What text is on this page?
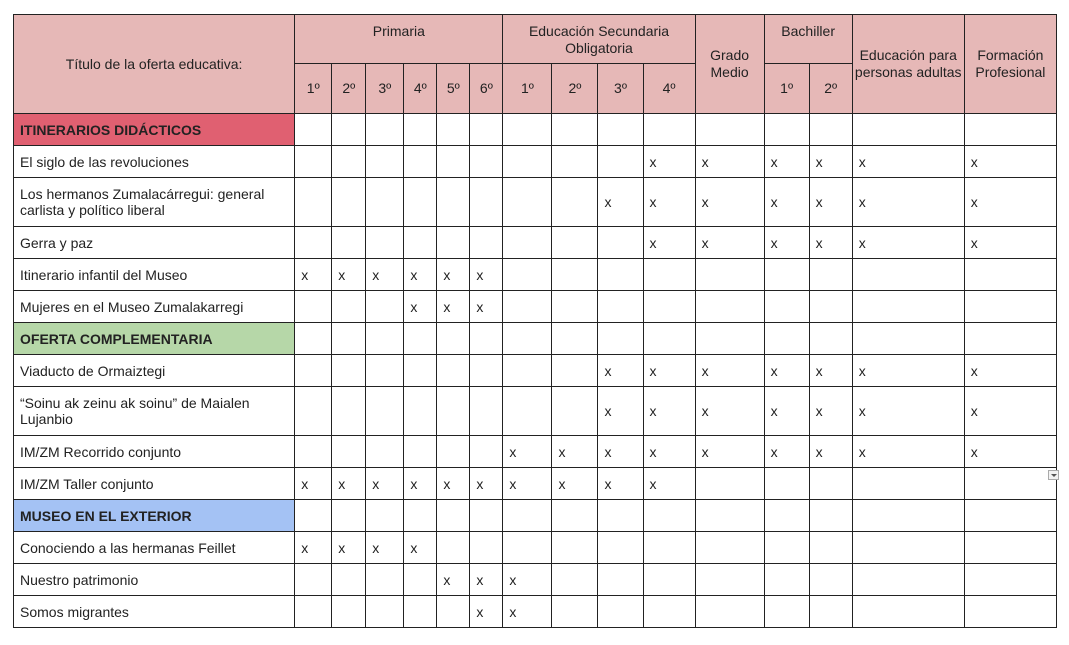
Título de la oferta educativa:	Primaria						Educación Secundaria Obligatoria				Grado Medio	Bachiller		Educación para personas adultas	Formación Profesional
	1º	2º	3º	4º	5º	6º	1º	2º	3º	4º		1º	2º		
ITINERARIOS DIDÁCTICOS															
El siglo de las revoluciones										x	x	x	x	x	x
Los hermanos Zumalacárregui: general carlista y político liberal									x	x	x	x	x	x	x
Gerra y paz										x	x	x	x	x	x
Itinerario infantil del Museo	x	x	x	x	x	x									
Mujeres en el Museo Zumalakarregi				x	x	x									
OFERTA COMPLEMENTARIA															
Viaducto de Ormaiztegi									x	x	x	x	x	x	x
“Soinu ak zeinu ak soinu” de Maialen Lujanbio									x	x	x	x	x	x	x
IM/ZM Recorrido conjunto							x	x	x	x	x	x	x	x	x
IM/ZM Taller conjunto	x	x	x	x	x	x	x	x	x	x					
MUSEO EN EL EXTERIOR															
Conociendo a las hermanas Feillet	x	x	x	x											
Nuestro patrimonio					x	x	x								
Somos migrantes						x	x								
